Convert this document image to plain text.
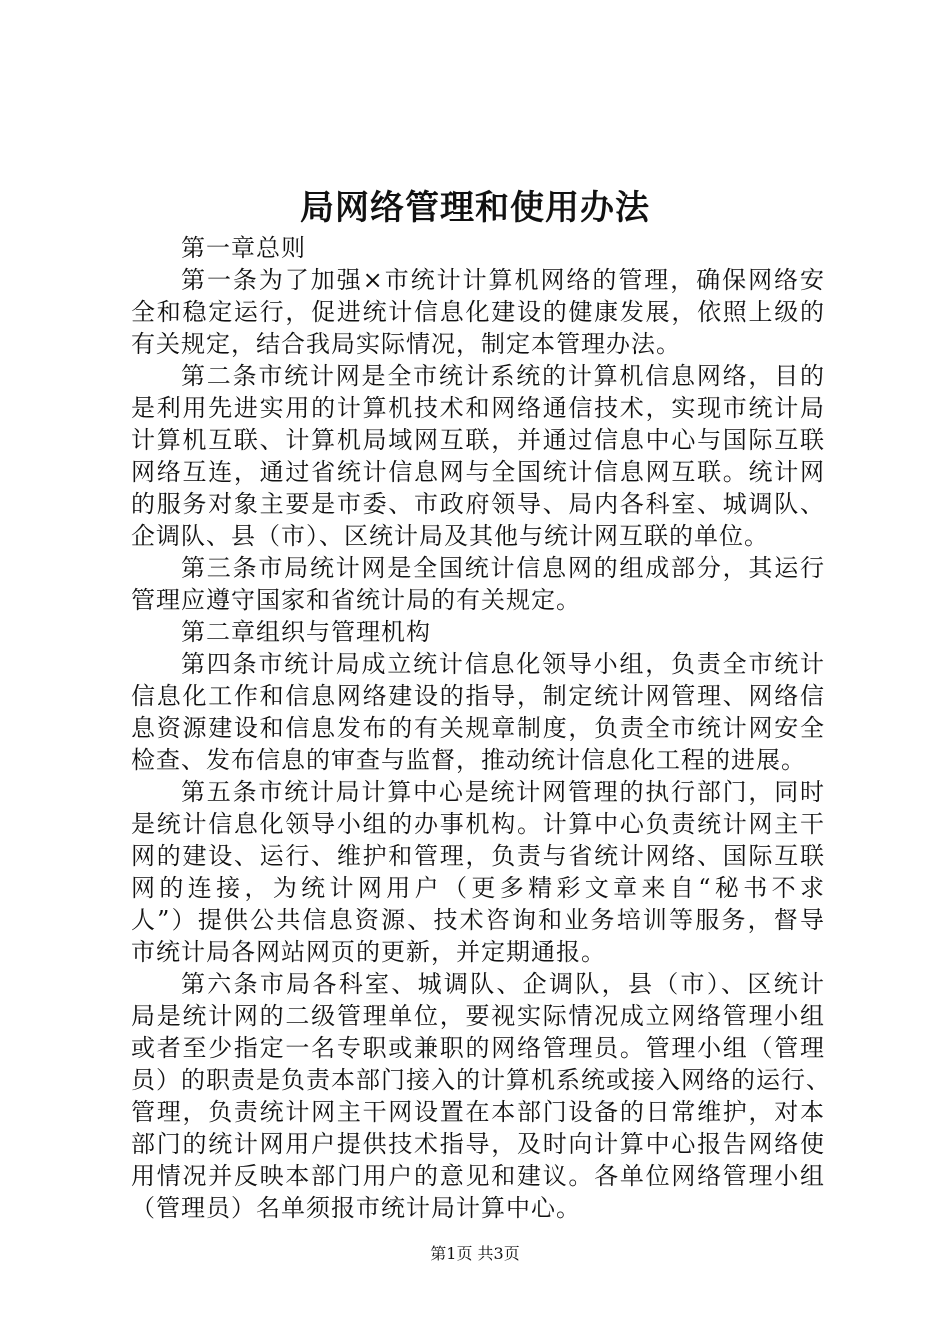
局网络管理和使用办法
第一章总则
第一条为了加强×市统计计算机网络的管理，确保网络安
全和稳定运行，促进统计信息化建设的健康发展，依照上级的
有关规定，结合我局实际情况，制定本管理办法。
第二条市统计网是全市统计系统的计算机信息网络，目的
是利用先进实用的计算机技术和网络通信技术，实现市统计局
计算机互联、计算机局域网互联，并通过信息中心与国际互联
网络互连，通过省统计信息网与全国统计信息网互联。统计网
的服务对象主要是市委、市政府领导、局内各科室、城调队、
企调队、县（市）、区统计局及其他与统计网互联的单位。
第三条市局统计网是全国统计信息网的组成部分，其运行
管理应遵守国家和省统计局的有关规定。
第二章组织与管理机构
第四条市统计局成立统计信息化领导小组，负责全市统计
信息化工作和信息网络建设的指导，制定统计网管理、网络信
息资源建设和信息发布的有关规章制度，负责全市统计网安全
检查、发布信息的审查与监督，推动统计信息化工程的进展。
第五条市统计局计算中心是统计网管理的执行部门，同时
是统计信息化领导小组的办事机构。计算中心负责统计网主干
网的建设、运行、维护和管理，负责与省统计网络、国际互联
网的连接，为统计网用户（更多精彩文章来自“秘书不求
人”）提供公共信息资源、技术咨询和业务培训等服务，督导
市统计局各网站网页的更新，并定期通报。
第六条市局各科室、城调队、企调队，县（市）、区统计
局是统计网的二级管理单位，要视实际情况成立网络管理小组
或者至少指定一名专职或兼职的网络管理员。管理小组（管理
员）的职责是负责本部门接入的计算机系统或接入网络的运行、
管理，负责统计网主干网设置在本部门设备的日常维护，对本
部门的统计网用户提供技术指导，及时向计算中心报告网络使
用情况并反映本部门用户的意见和建议。各单位网络管理小组
（管理员）名单须报市统计局计算中心。
第1页 共3页
